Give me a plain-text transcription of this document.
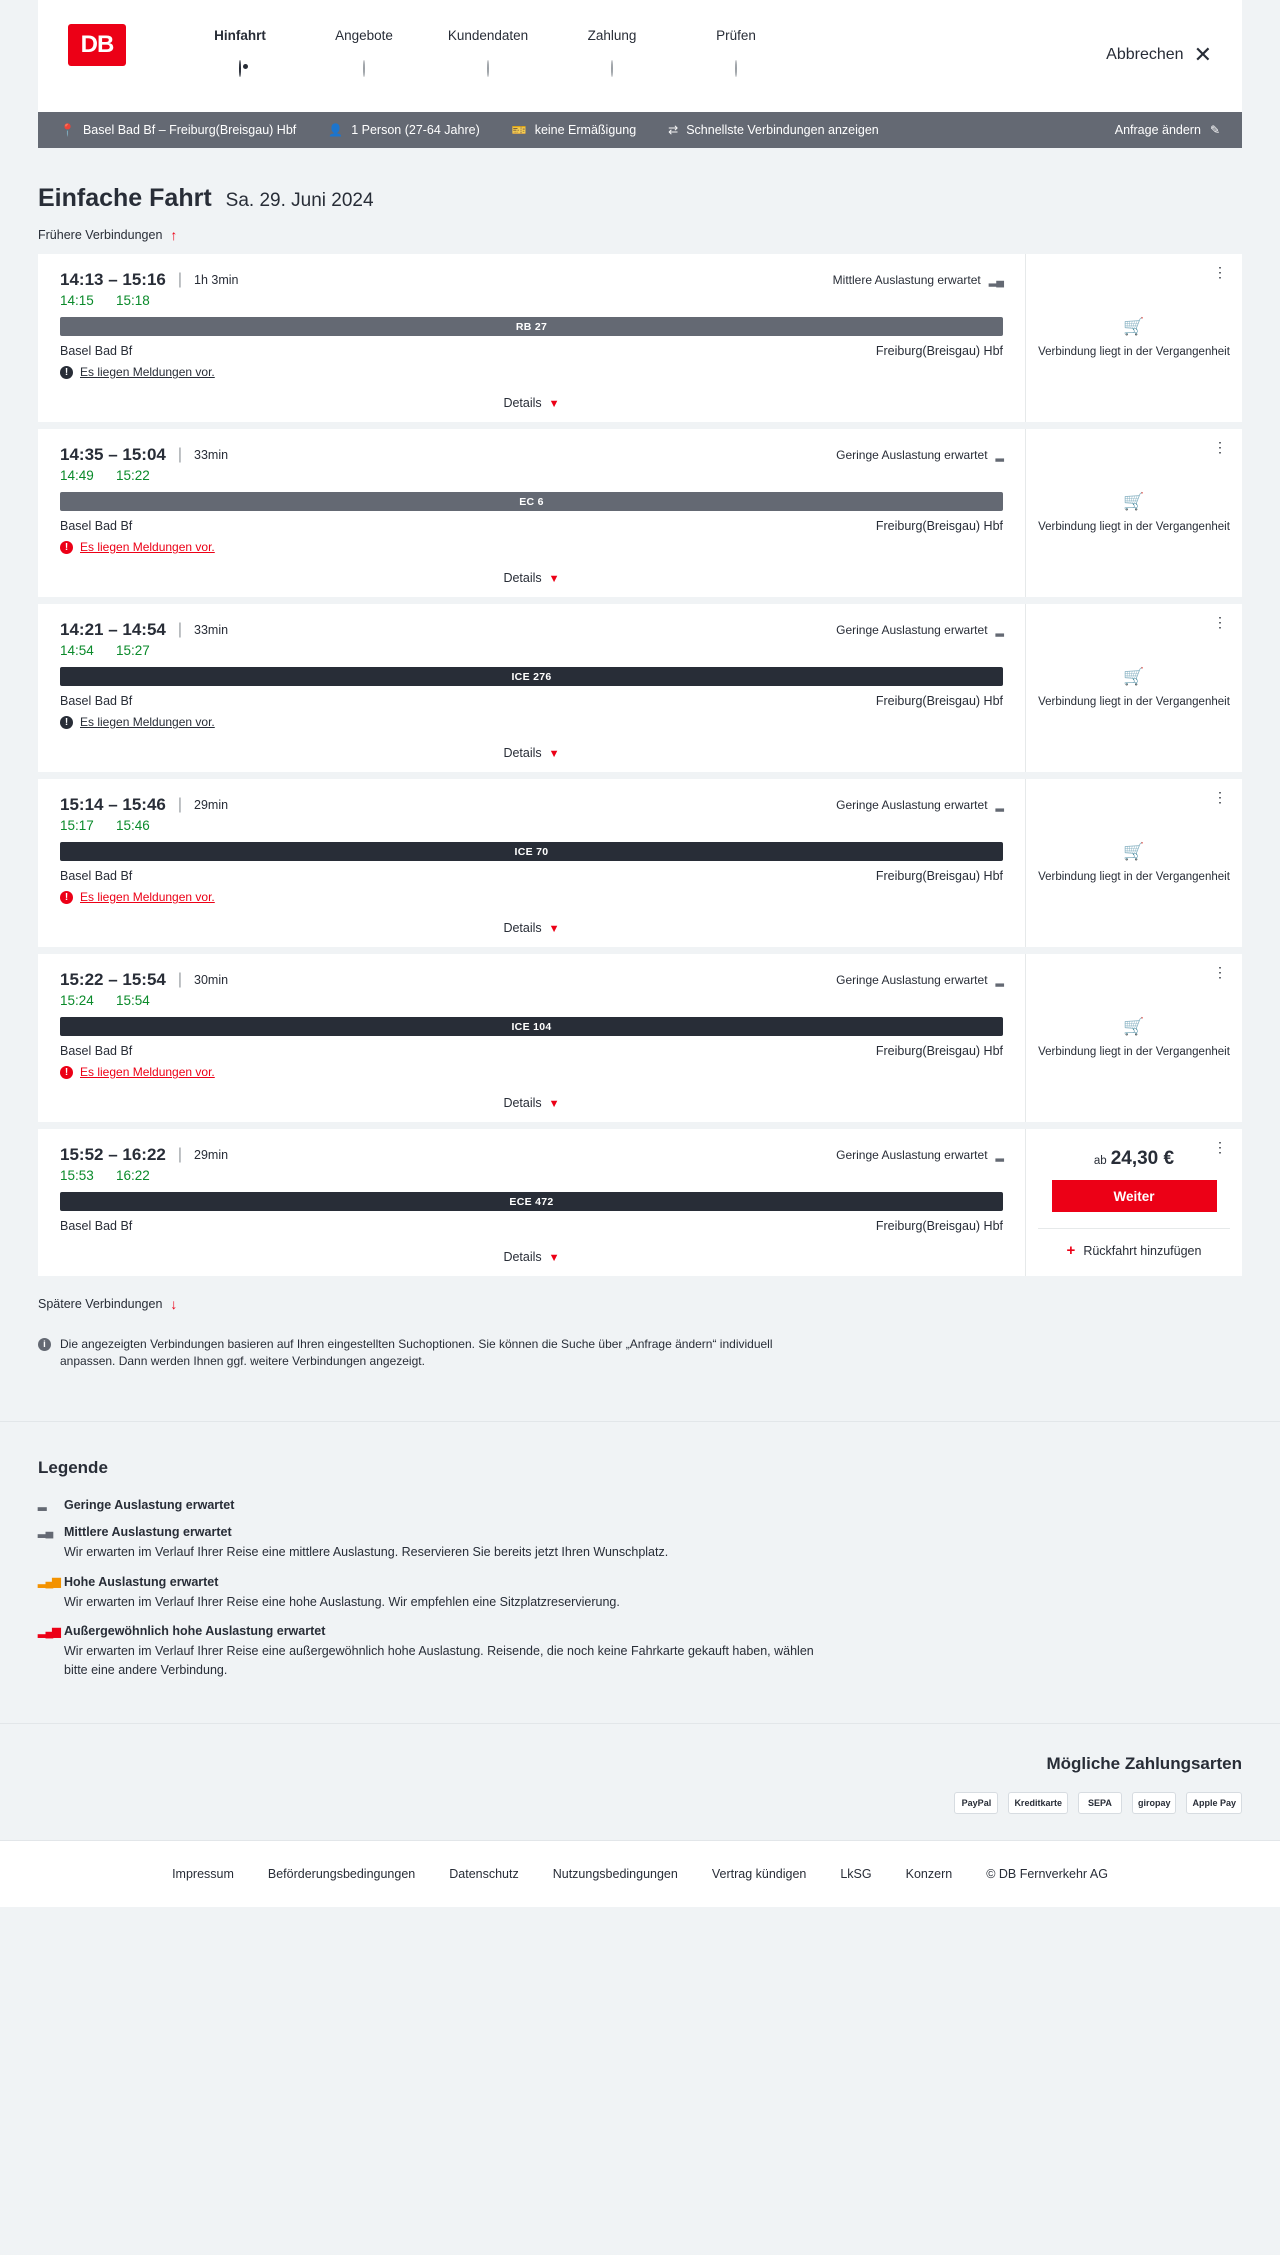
DB	Hinfahrt	Angebote	Kundendaten	Zahlung	Prüfen
Abbrechen ✕
📍 Basel Bad Bf – Freiburg(Breisgau) Hbf	👤 1 Person (27-64 Jahre)	🎫 keine Ermäßigung	⇄ Schnellste Verbindungen anzeigen	Anfrage ändern ✎
Einfache Fahrt Sa. 29. Juni 2024
Frühere Verbindungen ↑
14:13 – 15:16 | 1h 3min	Mittlere Auslastung erwartet ▂▄
14:15	15:18
RB 27
Basel Bad Bf	Freiburg(Breisgau) Hbf
! Es liegen Meldungen vor.
Details ▼
⋮
🛒
Verbindung liegt in der Vergangenheit
14:35 – 15:04 | 33min	Geringe Auslastung erwartet ▂
14:49	15:22
EC 6
Basel Bad Bf	Freiburg(Breisgau) Hbf
! Es liegen Meldungen vor.
Details ▼
⋮
🛒
Verbindung liegt in der Vergangenheit
14:21 – 14:54 | 33min	Geringe Auslastung erwartet ▂
14:54	15:27
ICE 276
Basel Bad Bf	Freiburg(Breisgau) Hbf
! Es liegen Meldungen vor.
Details ▼
⋮
🛒
Verbindung liegt in der Vergangenheit
15:14 – 15:46 | 29min	Geringe Auslastung erwartet ▂
15:17	15:46
ICE 70
Basel Bad Bf	Freiburg(Breisgau) Hbf
! Es liegen Meldungen vor.
Details ▼
⋮
🛒
Verbindung liegt in der Vergangenheit
15:22 – 15:54 | 30min	Geringe Auslastung erwartet ▂
15:24	15:54
ICE 104
Basel Bad Bf	Freiburg(Breisgau) Hbf
! Es liegen Meldungen vor.
Details ▼
⋮
🛒
Verbindung liegt in der Vergangenheit
15:52 – 16:22 | 29min	Geringe Auslastung erwartet ▂
15:53	16:22
ECE 472
Basel Bad Bf	Freiburg(Breisgau) Hbf
Details ▼
⋮
ab 24,30 €
Weiter
+ Rückfahrt hinzufügen
Spätere Verbindungen ↓
i	Die angezeigten Verbindungen basieren auf Ihren eingestellten Suchoptionen. Sie können die Suche über „Anfrage ändern“ individuell anpassen. Dann werden Ihnen ggf. weitere Verbindungen angezeigt.
Legende
▂	Geringe Auslastung erwartet
▂▄ Mittlere Auslastung erwartet
Wir erwarten im Verlauf Ihrer Reise eine mittlere Auslastung. Reservieren Sie bereits jetzt Ihren Wunschplatz.
▂▄▆ Hohe Auslastung erwartet
Wir erwarten im Verlauf Ihrer Reise eine hohe Auslastung. Wir empfehlen eine Sitzplatzreservierung.
▂▄▆ Außergewöhnlich hohe Auslastung erwartet
Wir erwarten im Verlauf Ihrer Reise eine außergewöhnlich hohe Auslastung. Reisende, die noch keine Fahrkarte gekauft haben, wählen bitte eine andere Verbindung.
Mögliche Zahlungsarten
PayPal	Kreditkarte	SEPA	giropay	Apple Pay
Impressum	Beförderungsbedingungen	Datenschutz	Nutzungsbedingungen	Vertrag kündigen	LkSG	Konzern	© DB Fernverkehr AG
